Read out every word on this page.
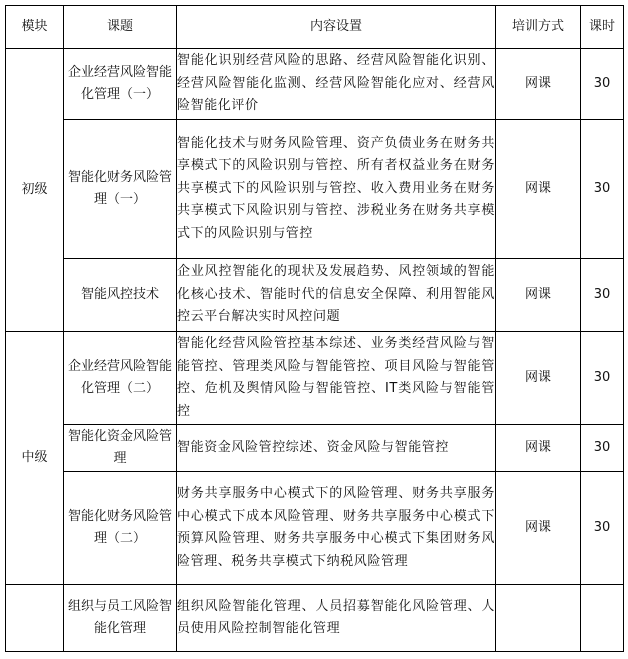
模块	课题	内容设置	培训方式	课时
初级	企业经营风险智能化管理（一）	智能化识别经营风险的思路、经营风险智能化识别、经营风险智能化监测、经营风险智能化应对、经营风险智能化评价	网课	30
	智能化财务风险管理（一）	智能化技术与财务风险管理、资产负债业务在财务共享模式下的风险识别与管控、所有者权益业务在财务共享模式下的风险识别与管控、收入费用业务在财务共享模式下风险识别与管控、涉税业务在财务共享模式下的风险识别与管控	网课	30
	智能风控技术	企业风控智能化的现状及发展趋势、风控领域的智能化核心技术、智能时代的信息安全保障、利用智能风控云平台解决实时风控问题	网课	30
中级	企业经营风险智能化管理（二）	智能化经营风险管控基本综述、业务类经营风险与智能管控、管理类风险与智能管控、项目风险与智能管控、危机及舆情风险与智能管控、IT类风险与智能管控	网课	30
	智能化资金风险管理	智能资金风险管控综述、资金风险与智能管控	网课	30
	智能化财务风险管理（二）	财务共享服务中心模式下的风险管理、财务共享服务中心模式下成本风险管理、财务共享服务中心模式下预算风险管理、财务共享服务中心模式下集团财务风险管理、税务共享模式下纳税风险管理	网课	30
	组织与员工风险智能化管理	组织风险智能化管理、人员招募智能化风险管理、人员使用风险控制智能化管理		
